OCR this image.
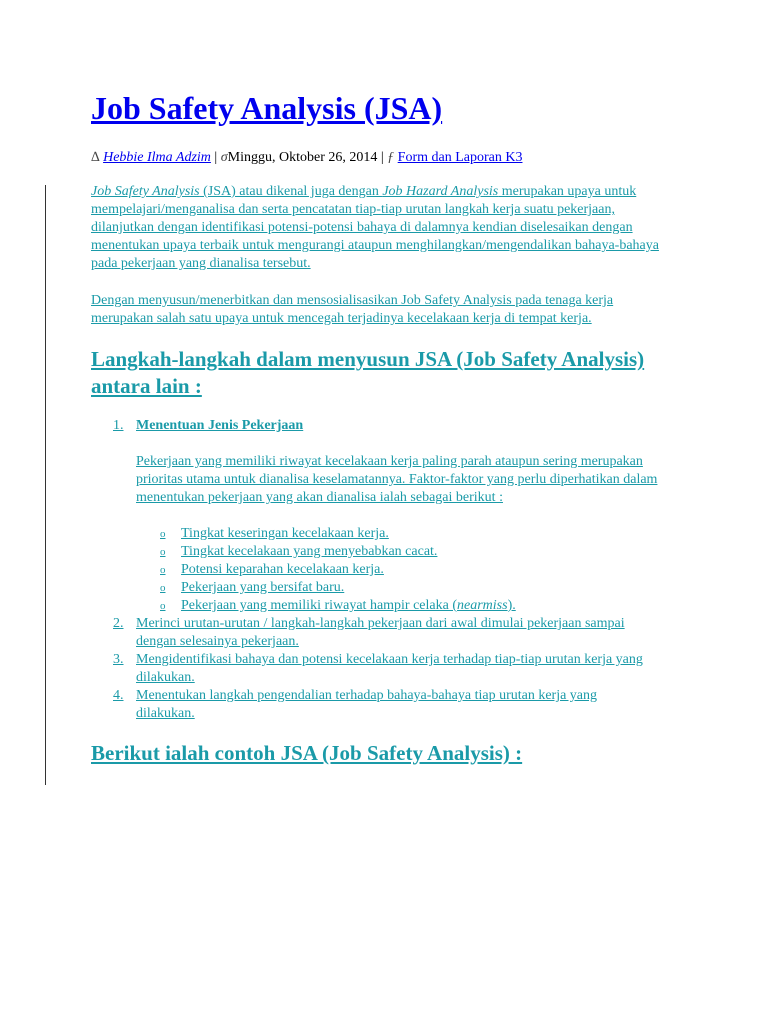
Job Safety Analysis (JSA)
∆ Hebbie Ilma Adzim | σMinggu, Oktober 26, 2014 | ƒ Form dan Laporan K3

Job Safety Analysis (JSA) atau dikenal juga dengan Job Hazard Analysis merupakan upaya untuk mempelajari/menganalisa dan serta pencatatan tiap-tiap urutan langkah kerja suatu pekerjaan, dilanjutkan dengan identifikasi potensi-potensi bahaya di dalamnya kendian diselesaikan dengan menentukan upaya terbaik untuk mengurangi ataupun menghilangkan/mengendalikan bahaya-bahaya pada pekerjaan yang dianalisa tersebut.

Dengan menyusun/menerbitkan dan mensosialisasikan Job Safety Analysis pada tenaga kerja merupakan salah satu upaya untuk mencegah terjadinya kecelakaan kerja di tempat kerja.

Langkah-langkah dalam menyusun JSA (Job Safety Analysis) antara lain :
1. Menentuan Jenis Pekerjaan

Pekerjaan yang memiliki riwayat kecelakaan kerja paling parah ataupun sering merupakan prioritas utama untuk dianalisa keselamatannya. Faktor-faktor yang perlu diperhatikan dalam menentukan pekerjaan yang akan dianalisa ialah sebagai berikut :

o Tingkat keseringan kecelakaan kerja.
o Tingkat kecelakaan yang menyebabkan cacat.
o Potensi keparahan kecelakaan kerja.
o Pekerjaan yang bersifat baru.
o Pekerjaan yang memiliki riwayat hampir celaka (nearmiss).
2. Merinci urutan-urutan / langkah-langkah pekerjaan dari awal dimulai pekerjaan sampai dengan selesainya pekerjaan.

3. Mengidentifikasi bahaya dan potensi kecelakaan kerja terhadap tiap-tiap urutan kerja yang dilakukan.

4. Menentukan langkah pengendalian terhadap bahaya-bahaya tiap urutan kerja yang dilakukan.

Berikut ialah contoh JSA (Job Safety Analysis) :
